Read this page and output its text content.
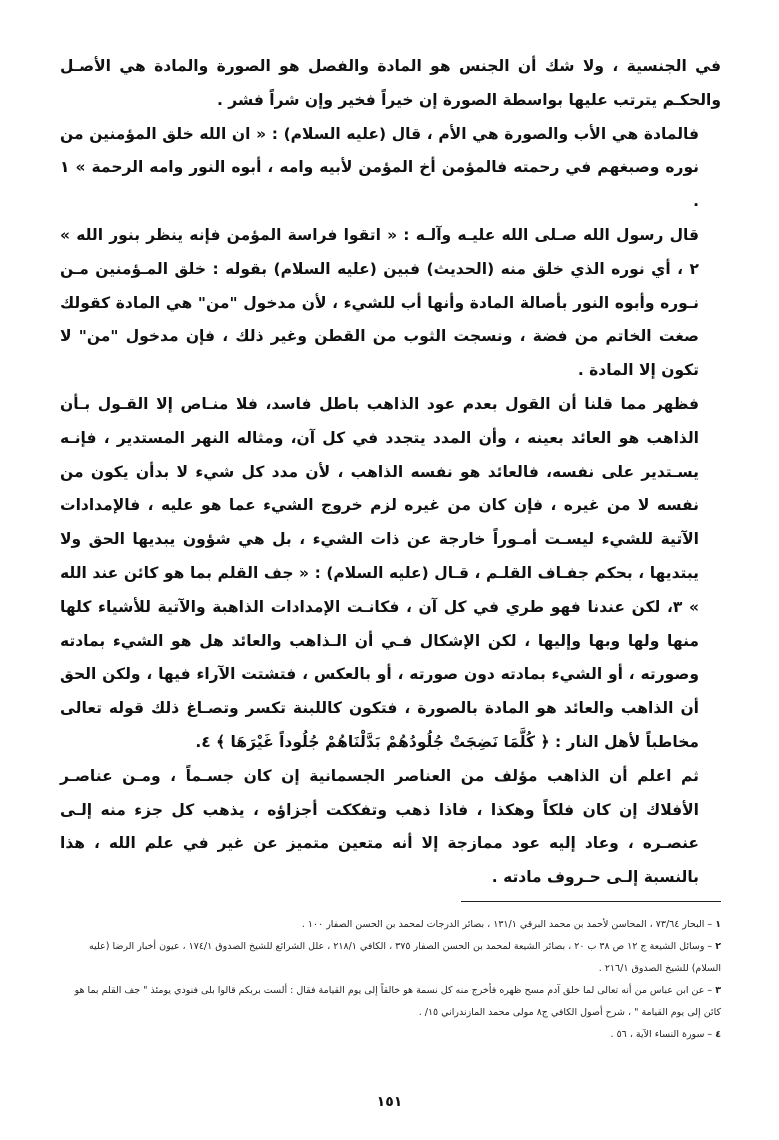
في الجنسية ، ولا شك أن الجنس هو المادة والفصل هو الصورة والمادة هي الأصـل والحكـم يترتب عليها بواسطة الصورة إن خيراً فخير وإن شراً فشر .

فالمادة هي الأب والصورة هي الأم ، قال (عليه السلام) : « ان الله خلق المؤمنين من نوره وصبغهم في رحمته فالمؤمن أخ المؤمن لأبيه وامه ، أبوه النور وامه الرحمة » ١ .

قال رسول الله صـلى الله عليـه وآلـه : « اتقوا فراسة المؤمن فإنه ينظر بنور الله » ٢ ، أي نوره الذي خلق منه (الحديث) فبين (عليه السلام) بقوله : خلق المـؤمنين مـن نـوره وأبوه النور بأصالة المادة وأنها أب للشيء ، لأن مدخول "من" هي المادة كقولك صغت الخاتم من فضة ، ونسجت الثوب من القطن وغير ذلك ، فإن مدخول "من" لا تكون إلا المادة .

فظهر مما قلنا أن القول بعدم عود الذاهب باطل فاسد، فلا منـاص إلا القـول بـأن الذاهب هو العائد بعينه ، وأن المدد يتجدد في كل آن، ومثاله النهر المستدير ، فإنـه يسـتدير على نفسه، فالعائد هو نفسه الذاهب ، لأن مدد كل شيء لا بدأن يكون من نفسه لا من غيره ، فإن كان من غيره لزم خروج الشيء عما هو عليه ، فالإمدادات الآتية للشيء ليسـت أمـوراً خارجة عن ذات الشيء ، بل هي شؤون يبديها الحق ولا يبتديها ، بحكم جفـاف القلـم ، قـال (عليه السلام) : « جف القلم بما هو كائن عند الله » ٣، لكن عندنا فهو طري في كل آن ، فكانـت الإمدادات الذاهبة والآتية للأشياء كلها منها ولها وبها وإليها ، لكن الإشكال فـي أن الـذاهب والعائد هل هو الشيء بمادته وصورته ، أو الشيء بمادته دون صورته ، أو بالعكس ، فتشتت الآراء فيها ، ولكن الحق أن الذاهب والعائد هو المادة بالصورة ، فتكون كاللبنة تكسر وتصـاغ ذلك قوله تعالى مخاطباً لأهل النار : ﴿ كُلَّمَا نَضِجَتْ جُلُودُهُمْ بَدَّلْنَاهُمْ جُلُوداً غَيْرَهَا ﴾ ٤.

ثم اعلم أن الذاهب مؤلف من العناصر الجسمانية إن كان جسـماً ، ومـن عناصـر الأفلاك إن كان فلكاً وهكذا ، فاذا ذهب وتفككت أجزاؤه ، يذهب كل جزء منه إلـى عنصـره ، وعاد إليه عود ممازجة إلا أنه متعين متميز عن غير في علم الله ، هذا بالنسبة إلـى حـروف مادته .

١– البحار ٧٣/٦٤ ، المحاسن لأحمد بن محمد البرقي ١٣١/١ ، بصائر الدرجات لمحمد بن الحسن الصفار ١٠٠ .

٢– وسائل الشيعة ج ١٢ ص ٣٨ ب ٢٠ ، بصائر الشيعة لمحمد بن الحسن الصفار ٣٧٥ ، الكافي ٢١٨/١ ، علل الشرائع للشيخ الصدوق ١٧٤/١ ، عيون أخبار الرضا (عليه السلام) للشيخ الصدوق ٢١٦/١ .

٣– عن ابن عباس من أنه تعالى لما خلق آدم مسح ظهره فأخرج منه كل نسمة هو خالقاً إلى يوم القيامة فقال : ألست بربكم قالوا بلى فنودي يومئذ " جف القلم بما هو كائن إلى يوم القيامة " ، شرح أصول الكافي ج٨ مولى محمد المازندراني ١٥/ .

٤– سورة النساء الآية ، ٥٦ .

١٥١
